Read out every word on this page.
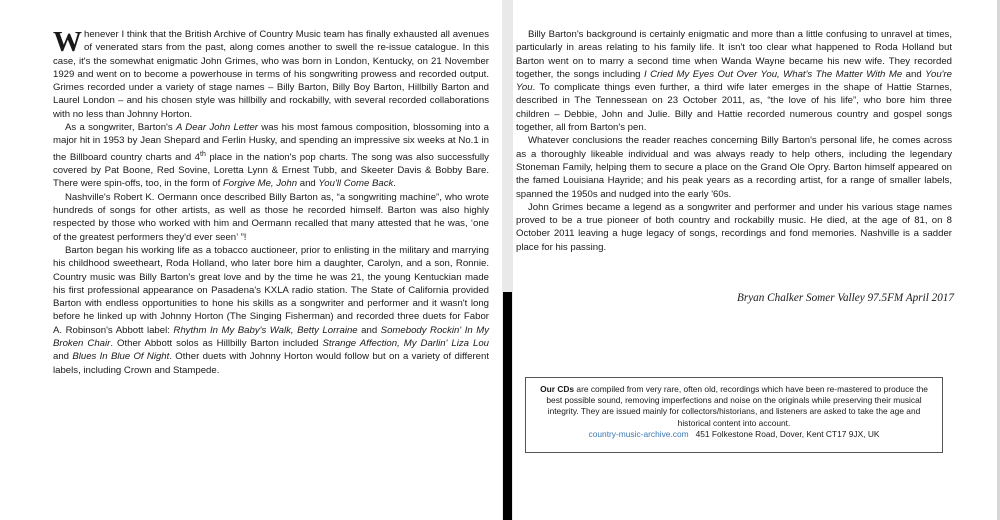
Whenever I think that the British Archive of Country Music team has finally exhausted all avenues of venerated stars from the past, along comes another to swell the re-issue catalogue. In this case, it's the somewhat enigmatic John Grimes, who was born in London, Kentucky, on 21 November 1929 and went on to become a powerhouse in terms of his songwriting prowess and recorded output. Grimes recorded under a variety of stage names – Billy Barton, Billy Boy Barton, Hillbilly Barton and Laurel London – and his chosen style was hillbilly and rockabilly, with several recorded collaborations with no less than Johnny Horton.

As a songwriter, Barton's A Dear John Letter was his most famous composition, blossoming into a major hit in 1953 by Jean Shepard and Ferlin Husky, and spending an impressive six weeks at No.1 in the Billboard country charts and 4th place in the nation's pop charts. The song was also successfully covered by Pat Boone, Red Sovine, Loretta Lynn & Ernest Tubb, and Skeeter Davis & Bobby Bare. There were spin-offs, too, in the form of Forgive Me, John and You'll Come Back.

Nashville's Robert K. Oermann once described Billy Barton as, “a songwriting machine”, who wrote hundreds of songs for other artists, as well as those he recorded himself. Barton was also highly respected by those who worked with him and Oermann recalled that many attested that he was, ‘one of the greatest performers they'd ever seen’ ”!

Barton began his working life as a tobacco auctioneer, prior to enlisting in the military and marrying his childhood sweetheart, Roda Holland, who later bore him a daughter, Carolyn, and a son, Ronnie. Country music was Billy Barton's great love and by the time he was 21, the young Kentuckian made his first professional appearance on Pasadena's KXLA radio station. The State of California provided Barton with endless opportunities to hone his skills as a songwriter and performer and it wasn't long before he linked up with Johnny Horton (The Singing Fisherman) and recorded three duets for Fabor A. Robinson's Abbott label: Rhythm In My Baby's Walk, Betty Lorraine and Somebody Rockin' In My Broken Chair. Other Abbott solos as Hillbilly Barton included Strange Affection, My Darlin' Liza Lou and Blues In Blue Of Night. Other duets with Johnny Horton would follow but on a variety of different labels, including Crown and Stampede.

Billy Barton's background is certainly enigmatic and more than a little confusing to unravel at times, particularly in areas relating to his family life. It isn't too clear what happened to Roda Holland but Barton went on to marry a second time when Wanda Wayne became his new wife. They recorded together, the songs including I Cried My Eyes Out Over You, What's The Matter With Me and You're You. To complicate things even further, a third wife later emerges in the shape of Hattie Starnes, described in The Tennessean on 23 October 2011, as, “the love of his life”, who bore him three children – Debbie, John and Julie. Billy and Hattie recorded numerous country and gospel songs together, all from Barton's pen.

Whatever conclusions the reader reaches concerning Billy Barton's personal life, he comes across as a thoroughly likeable individual and was always ready to help others, including the legendary Stoneman Family, helping them to secure a place on the Grand Ole Opry. Barton himself appeared on the famed Louisiana Hayride; and his peak years as a recording artist, for a range of smaller labels, spanned the 1950s and nudged into the early '60s.

John Grimes became a legend as a songwriter and performer and under his various stage names proved to be a true pioneer of both country and rockabilly music. He died, at the age of 81, on 8 October 2011 leaving a huge legacy of songs, recordings and fond memories. Nashville is a sadder place for his passing.

Bryan Chalker Somer Valley 97.5FM April 2017
Our CDs are compiled from very rare, often old, recordings which have been re-mastered to produce the best possible sound, removing imperfections and noise on the originals while preserving their musical integrity. They are issued mainly for collectors/historians, and listeners are asked to take the age and historical content into account.
country-music-archive.com 451 Folkestone Road, Dover, Kent CT17 9JX, UK
